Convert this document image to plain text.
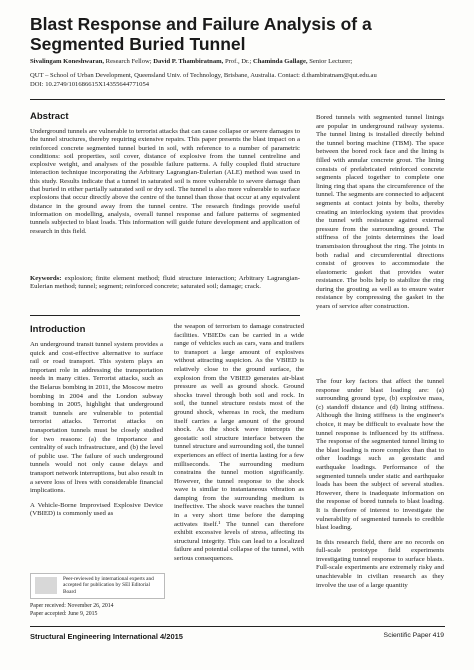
Blast Response and Failure Analysis of a Segmented Buried Tunnel
Sivalingam Koneshwaran, Research Fellow; David P. Thambiratnam, Prof., Dr.; Chaminda Gallage, Senior Lecturer;
QUT – School of Urban Development, Queensland Univ. of Technology, Brisbane, Australia. Contact: d.thambiratnam@qut.edu.au
DOI: 10.2749/101686615X14355644771054
Abstract
Underground tunnels are vulnerable to terrorist attacks that can cause collapse or severe damages to the tunnel structures, thereby requiring extensive repairs. This paper presents the blast impact on a reinforced concrete segmented tunnel buried in soil, with reference to a number of parametric conditions: soil properties, soil cover, distance of explosive from the tunnel centreline and explosive weight, and analyses of the possible failure patterns. A fully coupled fluid structure interaction technique incorporating the Arbitrary Lagrangian-Eulerian (ALE) method was used in this study. Results indicate that a tunnel in saturated soil is more vulnerable to severe damage than that buried in either partially saturated soil or dry soil. The tunnel is also more vulnerable to surface explosions that occur directly above the centre of the tunnel than those that occur at any equivalent distance in the ground away from the tunnel centre. The research findings provide useful information on modelling, analysis, overall tunnel response and failure patterns of segmented tunnels subjected to blast loads. This information will guide future development and application of research in this field.
Keywords: explosion; finite element method; fluid structure interaction; Arbitrary Lagrangian-Eulerian method; tunnel; segment; reinforced concrete; saturated soil; damage; crack.

Bored tunnels with segmented tunnel linings are popular in underground railway systems. The tunnel lining is installed directly behind the tunnel boring machine (TBM). The space between the bored rock face and the lining is filled with annular concrete grout. The lining consists of prefabricated reinforced concrete segments placed together to complete one lining ring that spans the circumference of the tunnel. The segments are connected to adjacent segments at contact joints by bolts, thereby creating an interlocking system that provides the tunnel with resistance against external pressure from the surrounding ground. The stiffness of the joints determines the load transmission throughout the ring. The joints in both radial and circumferential directions consist of grooves to accommodate the elastomeric gasket that provides water resistance. The bolts help to stabilize the ring during the grouting as well as to ensure water resistance by compressing the gasket in the years of service after construction.

Introduction

An underground transit tunnel system provides a quick and cost-effective alternative to surface rail or road transport. This system plays an important role in addressing the transportation needs in many cities. Terrorist attacks, such as the Belarus bombing in 2011, the Moscow metro bombing in 2004 and the London subway bombing in 2005, highlight that underground transit tunnels are vulnerable to potential terrorist attacks. Terrorist attacks on transportation tunnels must be closely studied for two reasons: (a) the importance and centrality of such infrastructure, and (b) the level of public use. The failure of such underground tunnels would not only cause delays and transport network interruptions, but also result in a severe loss of lives with considerable financial implications.

A Vehicle-Borne Improvised Explosive Device (VBIED) is commonly used as

the weapon of terrorism to damage constructed facilities. VBIEDs can be carried in a wide range of vehicles such as cars, vans and trailers to transport a large amount of explosives without attracting suspicion. As the VBIED is relatively close to the ground surface, the explosion from the VBIED generates air-blast pressure as well as ground shock. Ground shocks travel through both soil and rock. In soil, the tunnel structure resists most of the ground shock, whereas in rock, the medium itself carries a large amount of the ground shock. As the shock wave intercepts the geostatic soil structure interface between the tunnel structure and surrounding soil, the tunnel experiences an effect of inertia lasting for a few milliseconds. The surrounding medium constrains the tunnel motion significantly. However, the tunnel response to the shock wave is similar to instantaneous vibration as damping from the surrounding medium is ineffective. The shock wave reaches the tunnel in a very short time before the damping activates itself.¹ The tunnel can therefore exhibit excessive levels of stress, affecting its structural integrity. This can lead to a localized failure and potential collapse of the tunnel, with serious consequences.

The four key factors that affect the tunnel response under blast loading are: (a) surrounding ground type, (b) explosive mass, (c) standoff distance and (d) lining stiffness. Although the lining stiffness is the engineer's choice, it may be difficult to evaluate how the tunnel response is influenced by its stiffness. The response of the segmented tunnel lining to the blast loading is more complex than that to other loadings such as geostatic and earthquake loadings. Performance of the segmented tunnels under static and earthquake loads has been the subject of several studies. However, there is inadequate information on the response of bored tunnels to blast loading. It is therefore of interest to investigate the vulnerability of segmented tunnels to credible blast loading.

In this research field, there are no records on full-scale prototype field experiments investigating tunnel response to surface blasts. Full-scale experiments are extremely risky and unachievable in civilian research as they involve the use of a large quantity

Peer-reviewed by international experts and accepted for publication by SEI Editorial Board
Paper received: November 26, 2014
Paper accepted: June 9, 2015
Structural Engineering International 4/2015	Scientific Paper 419
